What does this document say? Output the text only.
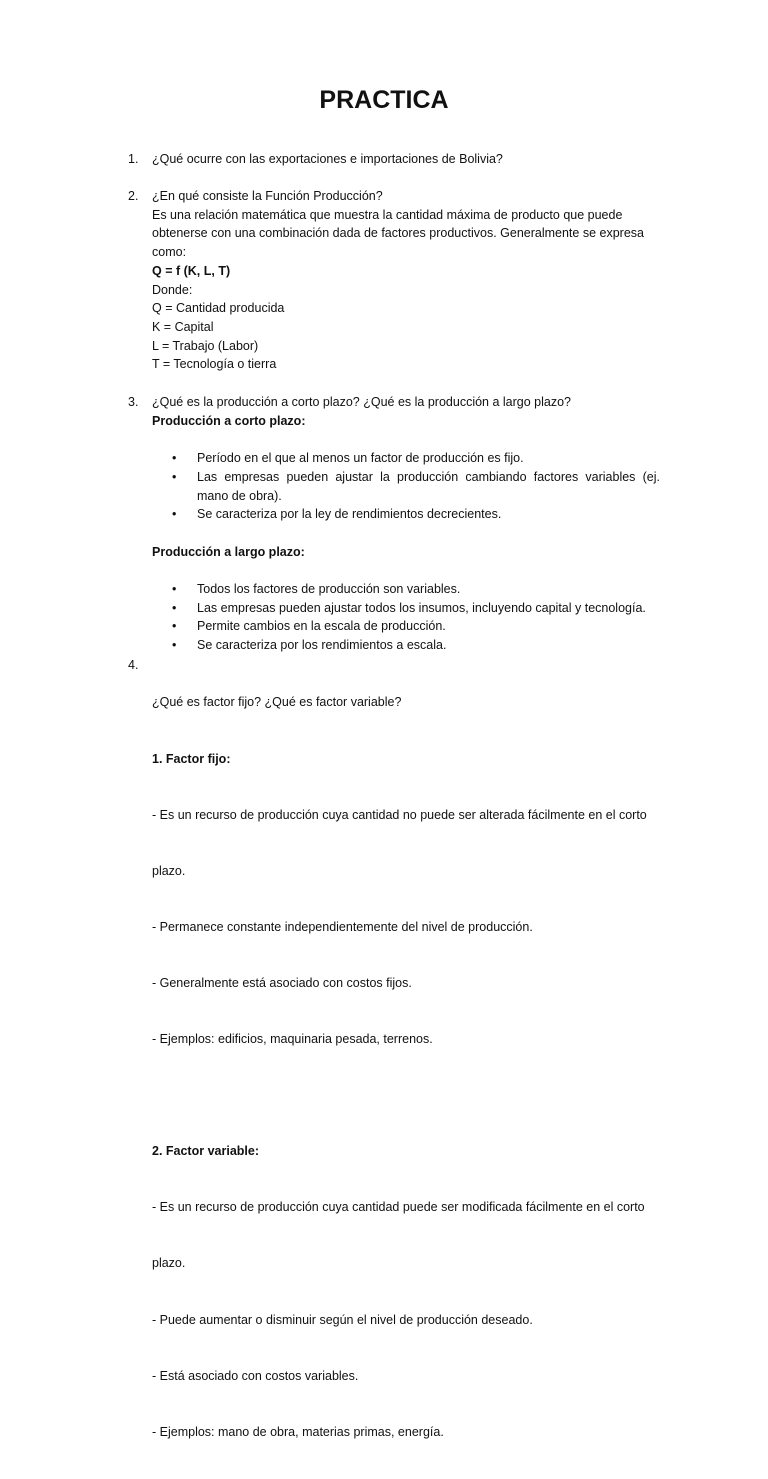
PRACTICA
1.	¿Qué ocurre con las exportaciones e importaciones de Bolivia?
2.	¿En qué consiste la Función Producción?
Es una relación matemática que muestra la cantidad máxima de producto que puede
obtenerse con una combinación dada de factores productivos. Generalmente se expresa
como:
Q = f (K, L, T)
Donde:
Q = Cantidad producida
K = Capital
L = Trabajo (Labor)
T = Tecnología o tierra
3.	¿Qué es la producción a corto plazo? ¿Qué es la producción a largo plazo?
Producción a corto plazo:
• Período en el que al menos un factor de producción es fijo.
• Las empresas pueden ajustar la producción cambiando factores variables (ej. mano de obra).
• Se caracteriza por la ley de rendimientos decrecientes.
Producción a largo plazo:
• Todos los factores de producción son variables.
• Las empresas pueden ajustar todos los insumos, incluyendo capital y tecnología.
• Permite cambios en la escala de producción.
• Se caracteriza por los rendimientos a escala.
4.

¿Qué es factor fijo? ¿Qué es factor variable?

1. Factor fijo:

- Es un recurso de producción cuya cantidad no puede ser alterada fácilmente en el corto

plazo.

- Permanece constante independientemente del nivel de producción.

- Generalmente está asociado con costos fijos.

- Ejemplos: edificios, maquinaria pesada, terrenos.

2. Factor variable:

- Es un recurso de producción cuya cantidad puede ser modificada fácilmente en el corto

plazo.

- Puede aumentar o disminuir según el nivel de producción deseado.

- Está asociado con costos variables.

- Ejemplos: mano de obra, materias primas, energía.
